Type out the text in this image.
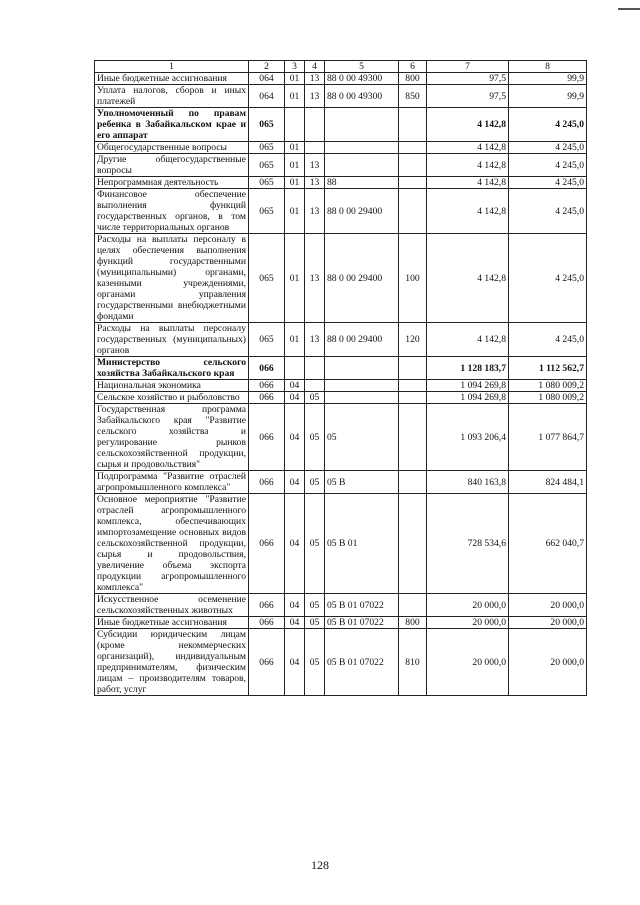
1	2	3	4	5	6	7	8
Иные бюджетные ассигнования	064	01	13	88 0 00 49300	800	97,5	99,9
Уплата налогов, сборов и иных платежей	064	01	13	88 0 00 49300	850	97,5	99,9
Уполномоченный по правам ребенка в Забайкальском крае и его аппарат	065					4 142,8	4 245,0
Общегосударственные вопросы	065	01				4 142,8	4 245,0
Другие общегосударственные вопросы	065	01	13			4 142,8	4 245,0
Непрограммная деятельность	065	01	13	88		4 142,8	4 245,0
Финансовое обеспечение выполнения функций государственных органов, в том числе территориальных органов	065	01	13	88 0 00 29400		4 142,8	4 245,0
Расходы на выплаты персоналу в целях обеспечения выполнения функций государственными (муниципальными) органами, казенными учреждениями, органами управления государственными внебюджетными фондами	065	01	13	88 0 00 29400	100	4 142,8	4 245,0
Расходы на выплаты персоналу государственных (муниципальных) органов	065	01	13	88 0 00 29400	120	4 142,8	4 245,0
Министерство сельского хозяйства Забайкальского края	066					1 128 183,7	1 112 562,7
Национальная экономика	066	04				1 094 269,8	1 080 009,2
Сельское хозяйство и рыболовство	066	04	05			1 094 269,8	1 080 009,2
Государственная программа Забайкальского края "Развитие сельского хозяйства и регулирование рынков сельскохозяйственной продукции, сырья и продовольствия"	066	04	05	05		1 093 206,4	1 077 864,7
Подпрограмма "Развитие отраслей агропромышленного комплекса"	066	04	05	05 В		840 163,8	824 484,1
Основное мероприятие "Развитие отраслей агропромышленного комплекса, обеспечивающих импортозамещение основных видов сельскохозяйственной продукции, сырья и продовольствия, увеличение объема экспорта продукции агропромышленного комплекса"	066	04	05	05 В 01		728 534,6	662 040,7
Искусственное осеменение сельскохозяйственных животных	066	04	05	05 В 01 07022		20 000,0	20 000,0
Иные бюджетные ассигнования	066	04	05	05 В 01 07022	800	20 000,0	20 000,0
Субсидии юридическим лицам (кроме некоммерческих организаций), индивидуальным предпринимателям, физическим лицам – производителям товаров, работ, услуг	066	04	05	05 В 01 07022	810	20 000,0	20 000,0
128
